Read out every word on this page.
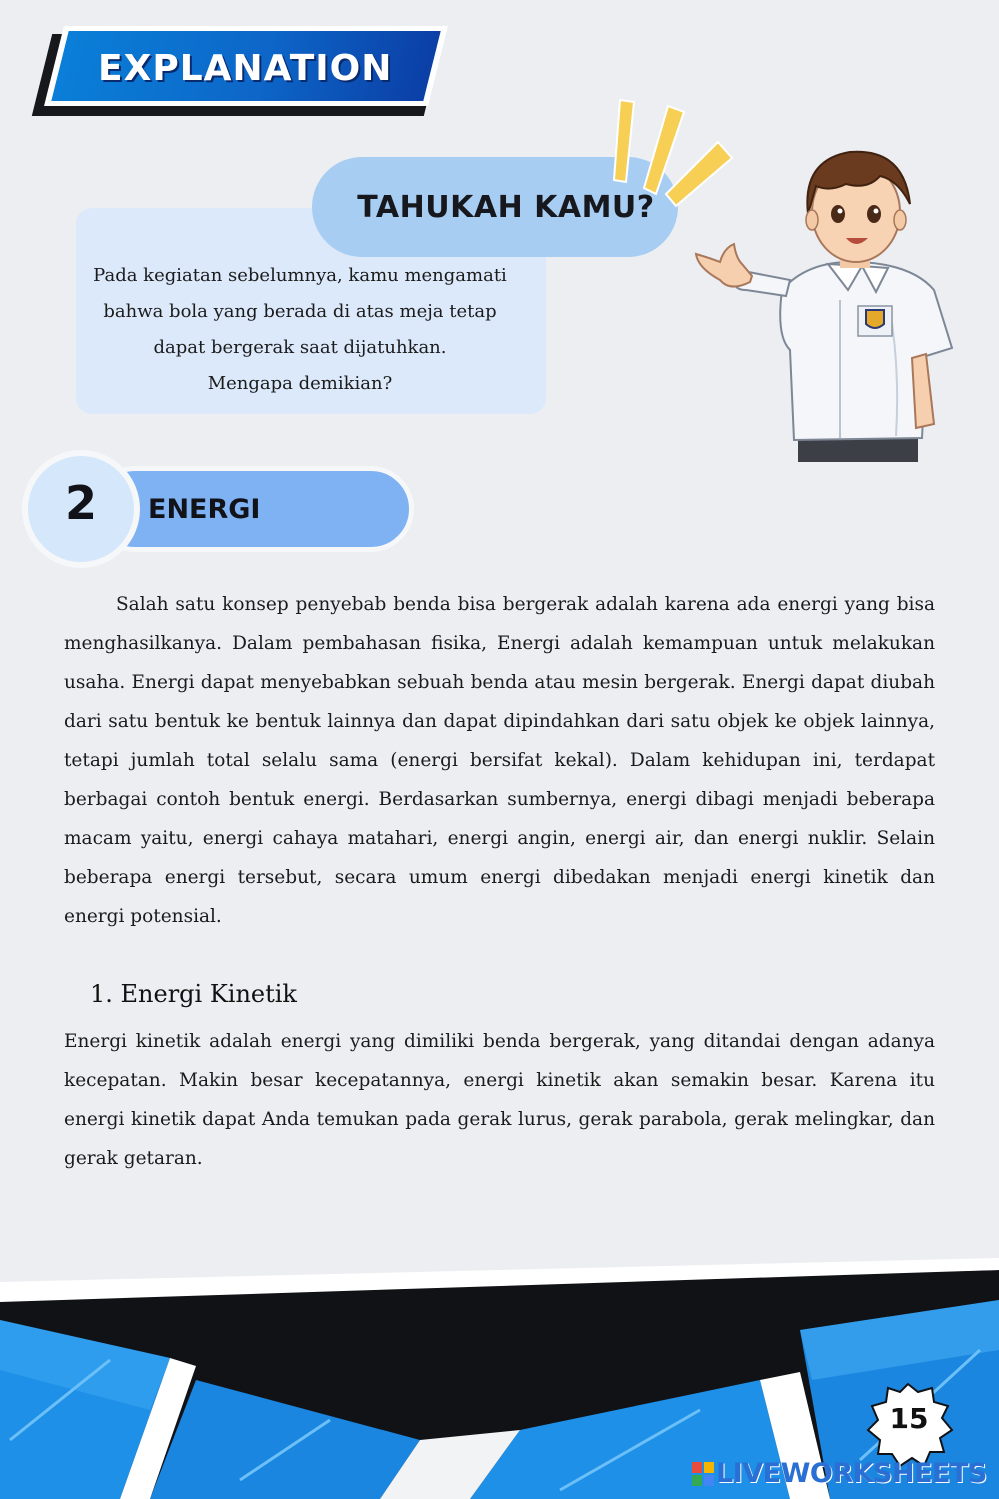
EXPLANATION
TAHUKAH KAMU?
Pada kegiatan sebelumnya, kamu mengamati
bahwa bola yang berada di atas meja tetap
dapat bergerak saat dijatuhkan.
Mengapa demikian?
2	ENERGI

Salah satu konsep penyebab benda bisa bergerak adalah karena ada energi yang bisa menghasilkanya. Dalam pembahasan fisika, Energi adalah kemampuan untuk melakukan usaha. Energi dapat menyebabkan sebuah benda atau mesin bergerak. Energi dapat diubah dari satu bentuk ke bentuk lainnya dan dapat dipindahkan dari satu objek ke objek lainnya, tetapi jumlah total selalu sama (energi bersifat kekal). Dalam kehidupan ini, terdapat berbagai contoh bentuk energi. Berdasarkan sumbernya, energi dibagi menjadi beberapa macam yaitu, energi cahaya matahari, energi angin, energi air, dan energi nuklir. Selain beberapa energi tersebut, secara umum energi dibedakan menjadi energi kinetik dan energi potensial.

1. Energi Kinetik

Energi kinetik adalah energi yang dimiliki benda bergerak, yang ditandai dengan adanya kecepatan. Makin besar kecepatannya, energi kinetik akan semakin besar. Karena itu energi kinetik dapat Anda temukan pada gerak lurus, gerak parabola, gerak melingkar, dan gerak getaran.

15
LIVEWORKSHEETS
